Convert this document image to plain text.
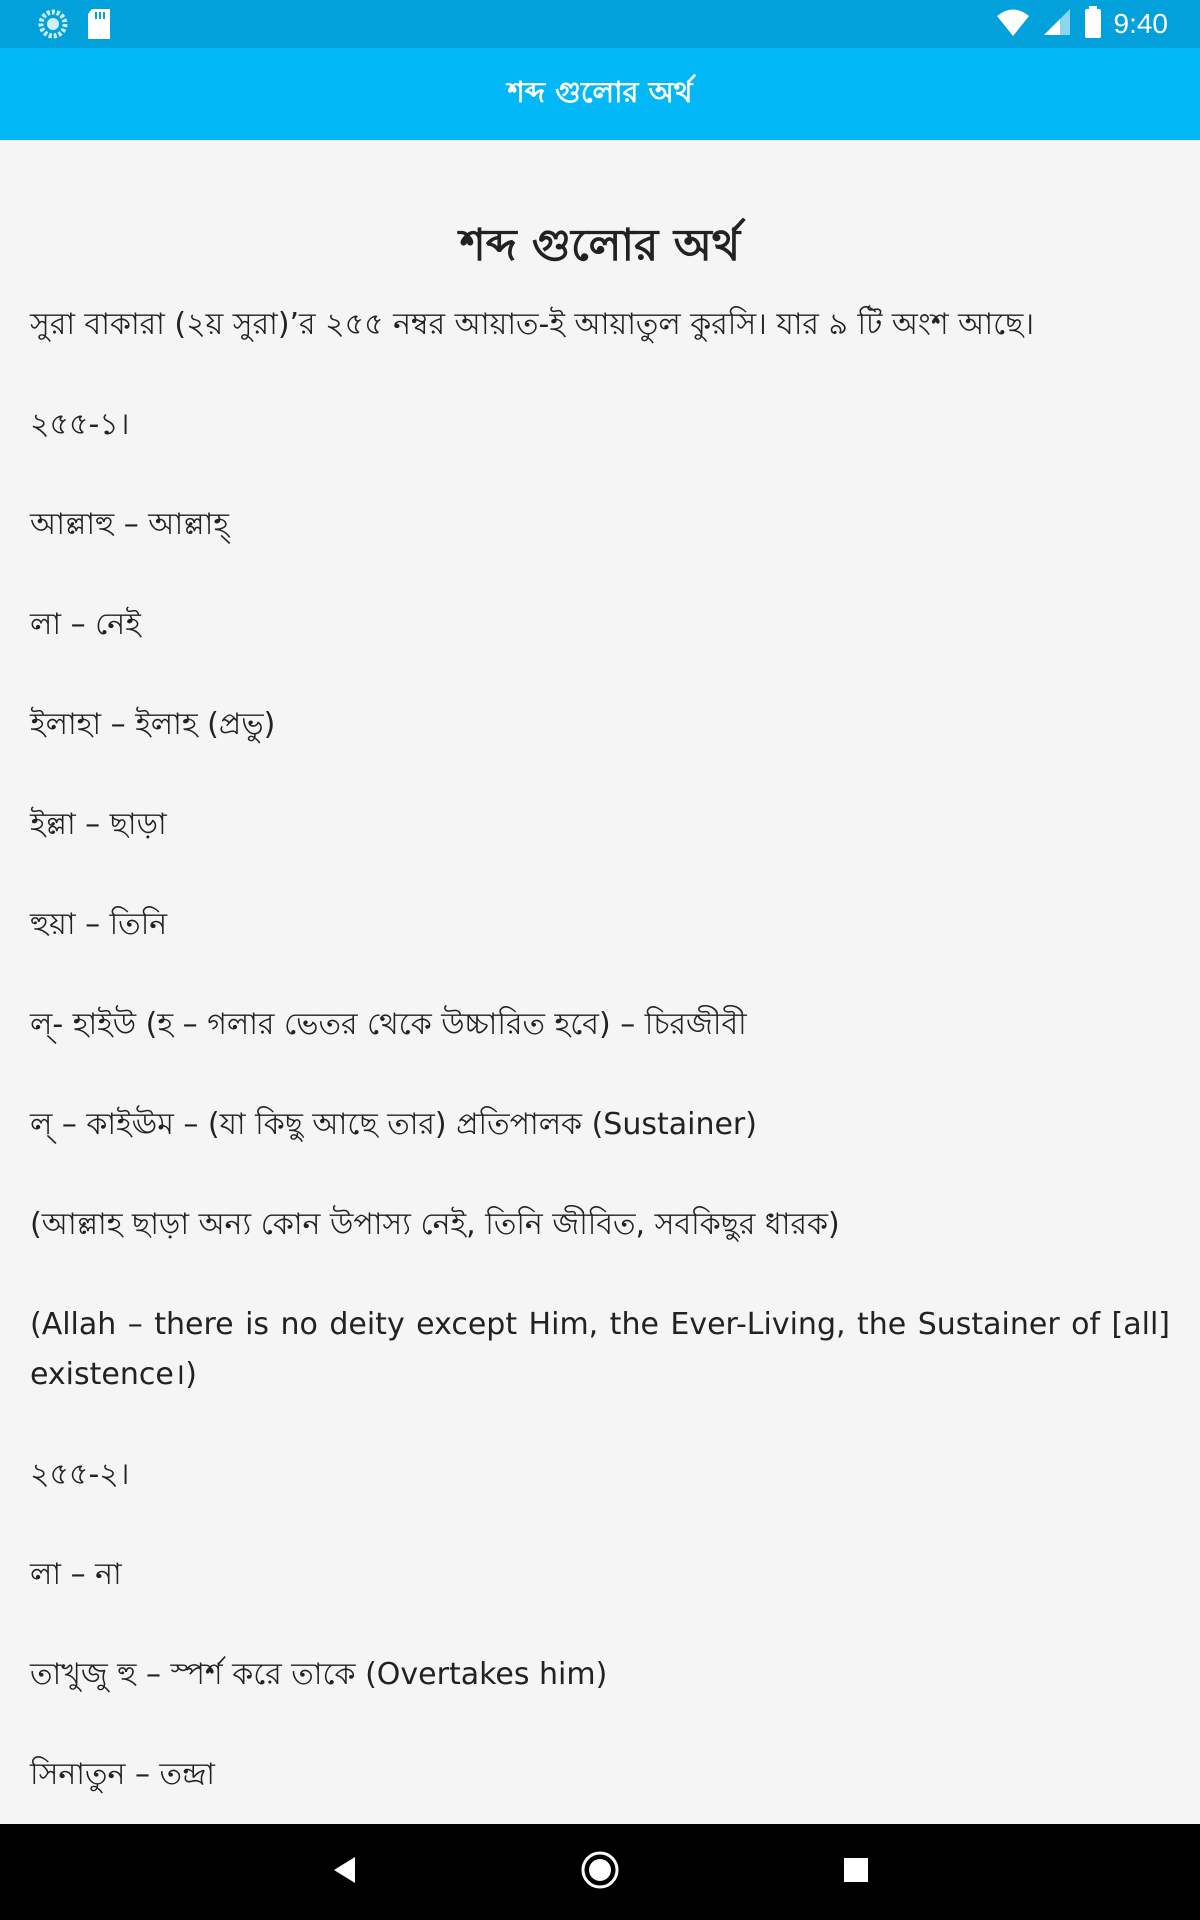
9:40
শব্দ গুলোর অর্থ
শব্দ গুলোর অর্থ

সুরা বাকারা (২য় সুরা)’র ২৫৫ নম্বর আয়াত-ই আয়াতুল কুরসি। যার ৯ টি অংশ আছে।

২৫৫-১।

আল্লাহু – আল্লাহ্

লা – নেই

ইলাহা – ইলাহ (প্রভু)

ইল্লা – ছাড়া

হুয়া – তিনি

ল্- হাইউ (হ – গলার ভেতর থেকে উচ্চারিত হবে) – চিরজীবী

ল্ – কাইঊম – (যা কিছু আছে তার) প্রতিপালক (Sustainer)

(আল্লাহ ছাড়া অন্য কোন উপাস্য নেই, তিনি জীবিত, সবকিছুর ধারক)

(Allah – there is no deity except Him, the Ever-Living, the Sustainer of [all] existence।)

২৫৫-২।

লা – না

তাখুজু হু – স্পর্শ করে তাকে (Overtakes him)

সিনাতুন – তন্দ্রা
